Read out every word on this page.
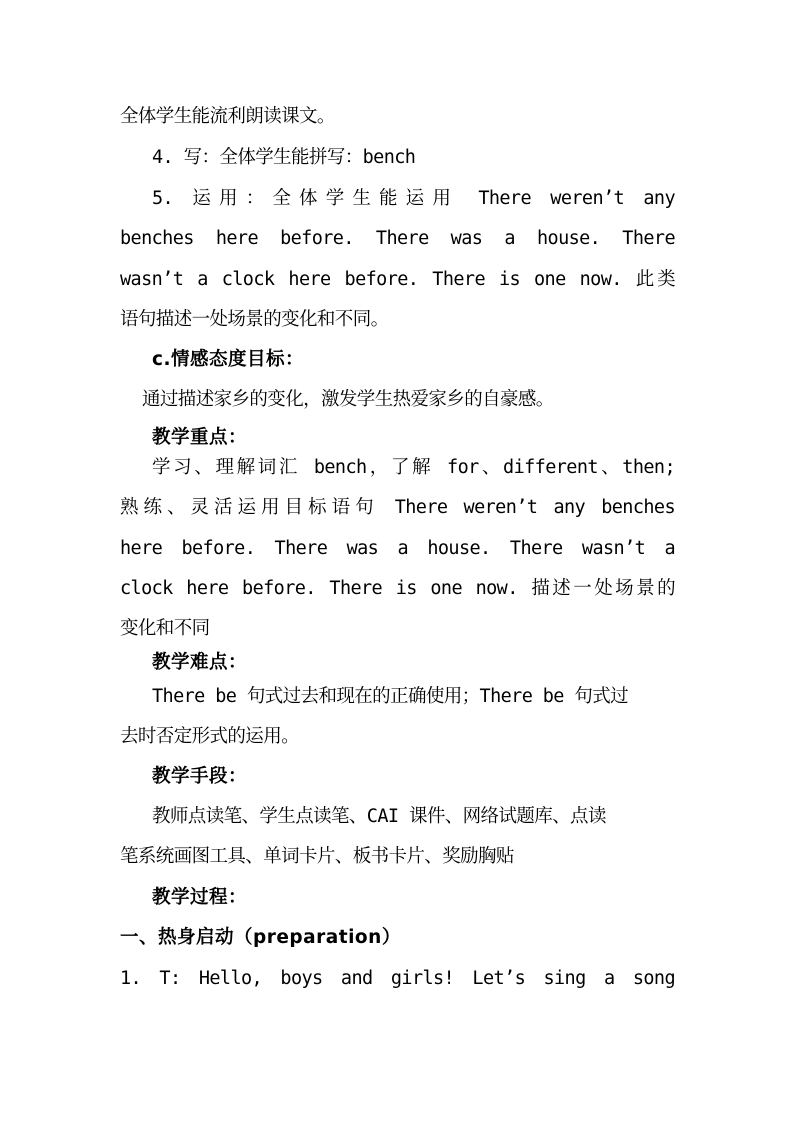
全体学生能流利朗读课文。
4. 写：全体学生能拼写：bench
5. 运用：全体学生能运用 There weren’t any
benches here before. There was a house. There
wasn’t a clock here before. There is one now. 此类
语句描述一处场景的变化和不同。
c.情感态度目标：
通过描述家乡的变化，激发学生热爱家乡的自豪感。
教学重点：
学习、理解词汇 bench，了解 for、different、then;
熟练、灵活运用目标语句 There weren’t any benches
here before. There was a house. There wasn’t a
clock here before. There is one now. 描述一处场景的
变化和不同
教学难点：
There be 句式过去和现在的正确使用；There be 句式过
去时否定形式的运用。
教学手段：
教师点读笔、学生点读笔、CAI 课件、网络试题库、点读
笔系统画图工具、单词卡片、板书卡片、奖励胸贴
教学过程：
一、热身启动（preparation）
1. T: Hello, boys and girls! Let’s sing a song
